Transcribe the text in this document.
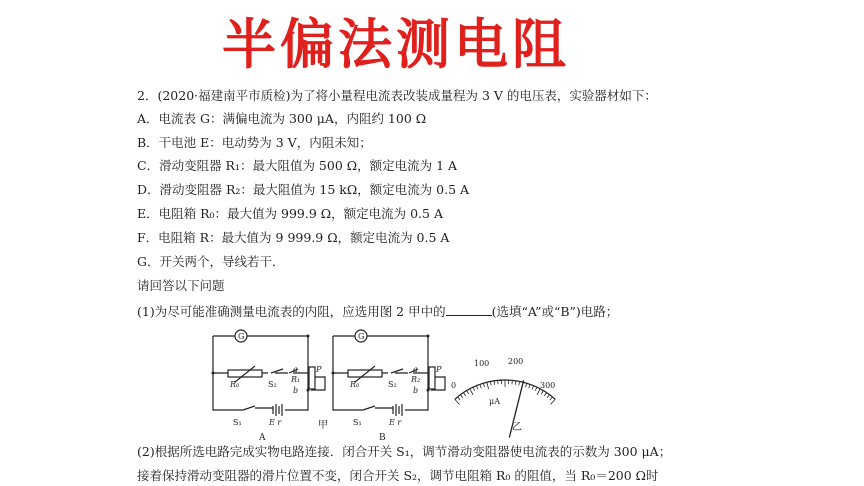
半偏法测电阻
2．(2020·福建南平市质检)为了将小量程电流表改装成量程为 3 V 的电压表，实验器材如下：
A．电流表 G：满偏电流为 300 μA，内阻约 100 Ω
B．干电池 E：电动势为 3 V，内阻未知；
C．滑动变阻器 R₁：最大阻值为 500 Ω，额定电流为 1 A
D．滑动变阻器 R₂：最大阻值为 15 kΩ，额定电流为 0.5 A
E．电阻箱 R₀：最大值为 999.9 Ω，额定电流为 0.5 A
F．电阻箱 R：最大值为 9 999.9 Ω，额定电流为 0.5 A
G．开关两个，导线若干．
请回答以下问题
(1)为尽可能准确测量电流表的内阻，应选用图 2 甲中的	(选填“A”或“B”)电路；
(2)根据所选电路完成实物电路连接．闭合开关 S₁，调节滑动变阻器使电流表的示数为 300 μA；
接着保持滑动变阻器的滑片位置不变，闭合开关 S₂，调节电阻箱 R₀ 的阻值，当 R₀＝200 Ω时
G
R₀	S₂
a
R₁
b
P
S₁	E r
A
G
R₀	S₂
a
R₂
b
P
S₁	E r
B
甲
0
100 200
300
μA
乙
